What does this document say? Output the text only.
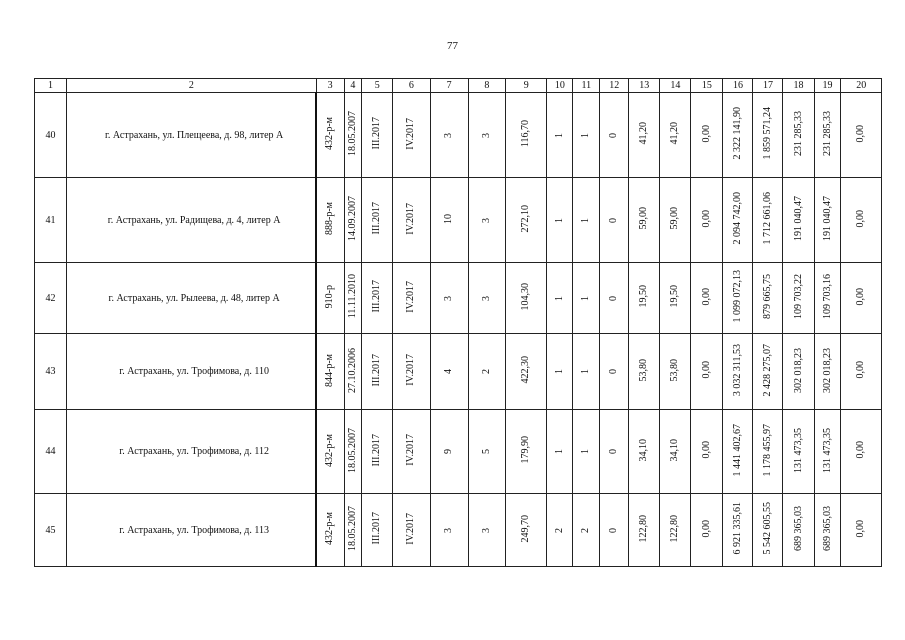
77
1	2	3	4	5	6	7	8	9	10	11	12	13	14	15	16	17	18	19	20
40	г. Астрахань, ул. Плещеева, д. 98, литер А	432-р-м	18.05.2007	III.2017	IV.2017	3	3	116,70	1	1	0	41,20	41,20	0,00	2 322 141,90	1 859 571,24	231 285,33	231 285,33	0,00
41	г. Астрахань, ул. Радищева, д. 4, литер А	888-р-м	14.09.2007	III.2017	IV.2017	10	3	272,10	1	1	0	59,00	59,00	0,00	2 094 742,00	1 712 661,06	191 040,47	191 040,47	0,00
42	г. Астрахань, ул. Рылеева, д. 48, литер А	910-р	11.11.2010	III.2017	IV.2017	3	3	104,30	1	1	0	19,50	19,50	0,00	1 099 072,13	879 665,75	109 703,22	109 703,16	0,00
43	г. Астрахань, ул. Трофимова, д. 110	844-р-м	27.10.2006	III.2017	IV.2017	4	2	422,30	1	1	0	53,80	53,80	0,00	3 032 311,53	2 428 275,07	302 018,23	302 018,23	0,00
44	г. Астрахань, ул. Трофимова, д. 112	432-р-м	18.05.2007	III.2017	IV.2017	9	5	179,90	1	1	0	34,10	34,10	0,00	1 441 402,67	1 178 455,97	131 473,35	131 473,35	0,00
45	г. Астрахань, ул. Трофимова, д. 113	432-р-м	18.05.2007	III.2017	IV.2017	3	3	249,70	2	2	0	122,80	122,80	0,00	6 921 335,61	5 542 605,55	689 365,03	689 365,03	0,00
